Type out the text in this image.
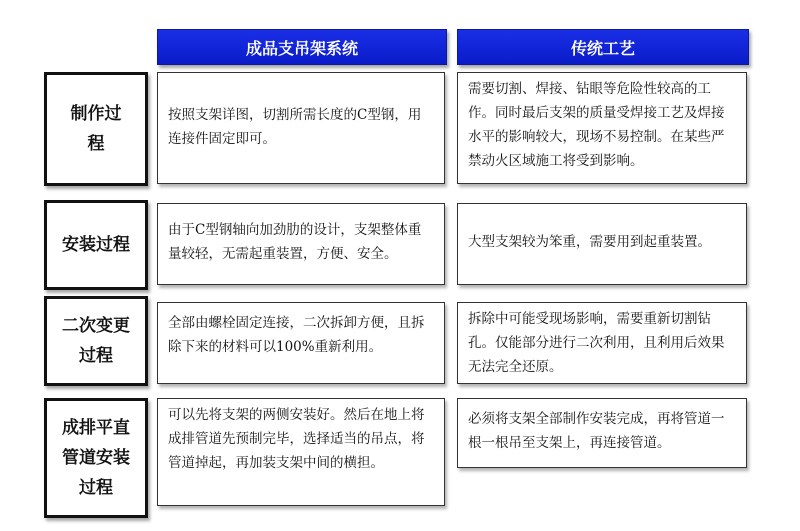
成品支吊架系统	传统工艺
制作过程
按照支架详图，切割所需长度的C型钢，用连接件固定即可。
需要切割、焊接、钻眼等危险性较高的工作。同时最后支架的质量受焊接工艺及焊接水平的影响较大，现场不易控制。在某些严禁动火区域施工将受到影响。
安装过程
由于C型钢轴向加劲肋的设计，支架整体重量较轻，无需起重装置，方便、安全。
大型支架较为笨重，需要用到起重装置。
二次变更过程
全部由螺栓固定连接，二次拆卸方便，且拆除下来的材料可以100%重新利用。
拆除中可能受现场影响，需要重新切割钻孔。仅能部分进行二次利用，且利用后效果无法完全还原。
成排平直管道安装过程
可以先将支架的两侧安装好。然后在地上将成排管道先预制完毕，选择适当的吊点，将管道掉起，再加装支架中间的横担。
必须将支架全部制作安装完成，再将管道一根一根吊至支架上，再连接管道。
